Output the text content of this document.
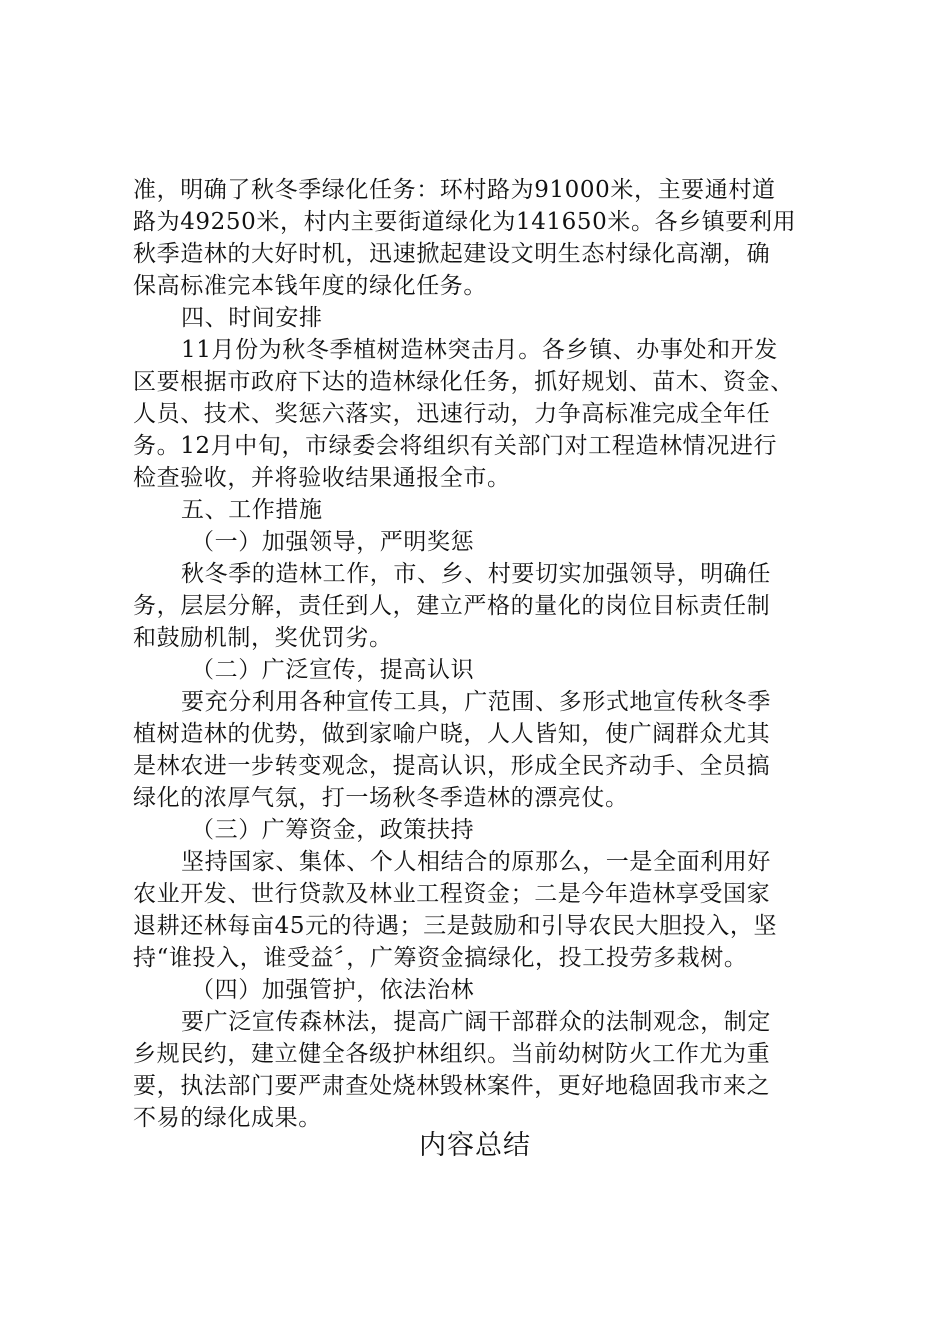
准，明确了秋冬季绿化任务：环村路为91000米，主要通村道
路为49250米，村内主要街道绿化为141650米。各乡镇要利用
秋季造林的大好时机，迅速掀起建设文明生态村绿化高潮，确
保高标准完本钱年度的绿化任务。
四、时间安排
11月份为秋冬季植树造林突击月。各乡镇、办事处和开发
区要根据市政府下达的造林绿化任务，抓好规划、苗木、资金、
人员、技术、奖惩六落实，迅速行动，力争高标准完成全年任
务。12月中旬，市绿委会将组织有关部门对工程造林情况进行
检查验收，并将验收结果通报全市。
五、工作措施
（一）加强领导，严明奖惩
秋冬季的造林工作，市、乡、村要切实加强领导，明确任
务，层层分解，责任到人，建立严格的量化的岗位目标责任制
和鼓励机制，奖优罚劣。
（二）广泛宣传，提高认识
要充分利用各种宣传工具，广范围、多形式地宣传秋冬季
植树造林的优势，做到家喻户晓，人人皆知，使广阔群众尤其
是林农进一步转变观念，提高认识，形成全民齐动手、全员搞
绿化的浓厚气氛，打一场秋冬季造林的漂亮仗。
（三）广筹资金，政策扶持
坚持国家、集体、个人相结合的原那么，一是全面利用好
农业开发、世行贷款及林业工程资金；二是今年造林享受国家
退耕还林每亩45元的待遇；三是鼓励和引导农民大胆投入，坚
持“谁投入，谁受益〞，广筹资金搞绿化，投工投劳多栽树。
（四）加强管护，依法治林
要广泛宣传森林法，提高广阔干部群众的法制观念，制定
乡规民约，建立健全各级护林组织。当前幼树防火工作尤为重
要，执法部门要严肃查处烧林毁林案件，更好地稳固我市来之
不易的绿化成果。
内容总结
